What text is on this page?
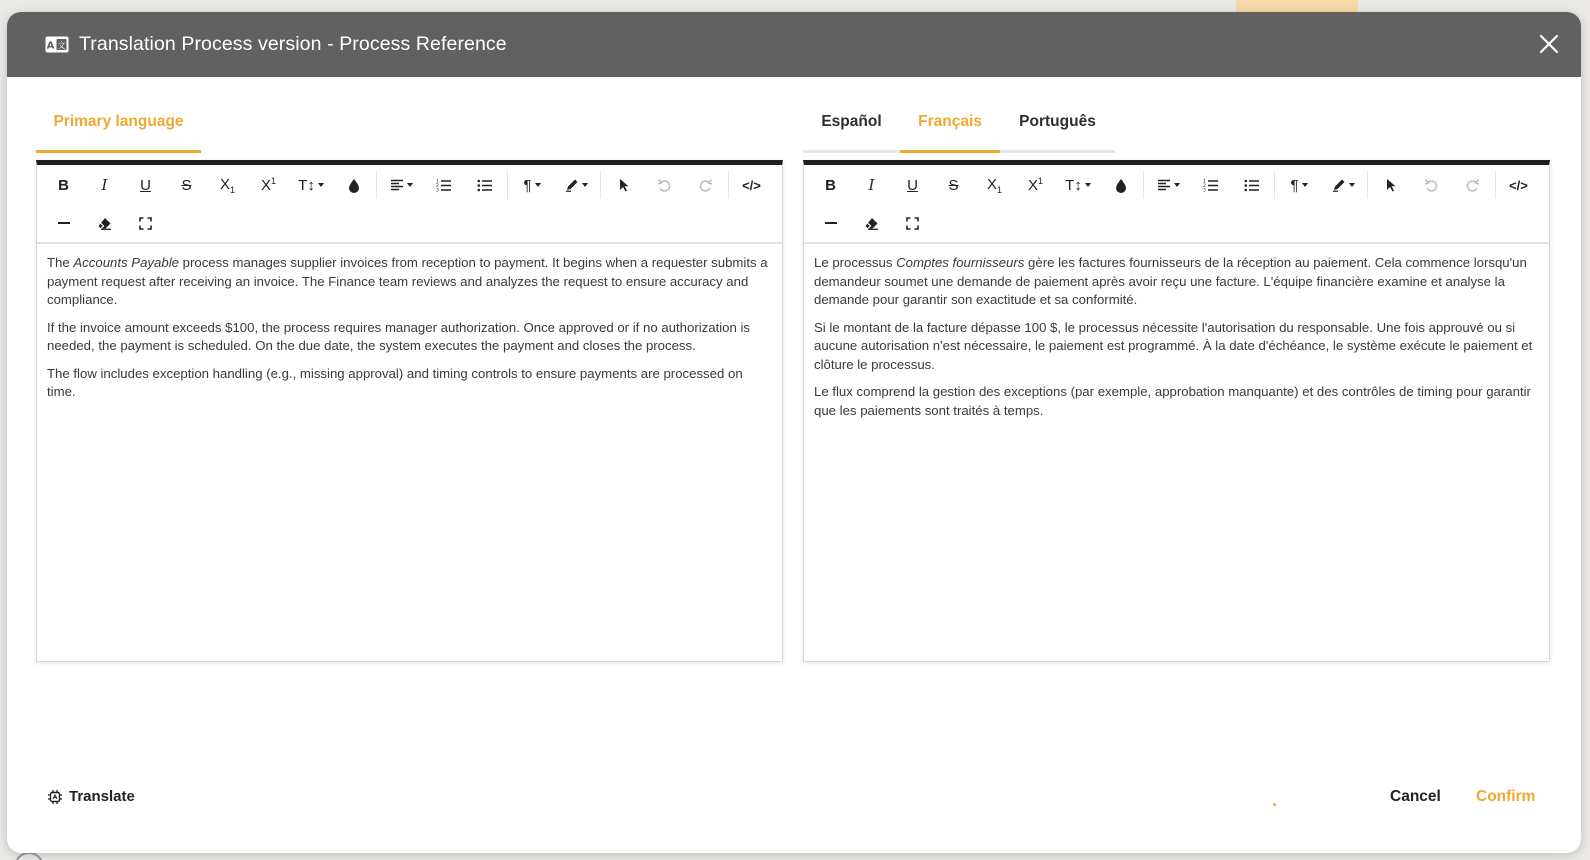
A 文 Translation Process version - Process Reference
Primary language
B I U S $X_1$ $X^1$ T↕	1
2
3	¶	</>

The Accounts Payable process manages supplier invoices from reception to payment. It begins when a requester submits a payment request after receiving an invoice. The Finance team reviews and analyzes the request to ensure accuracy and compliance.

If the invoice amount exceeds $100, the process requires manager authorization. Once approved or if no authorization is needed, the payment is scheduled. On the due date, the system executes the payment and closes the process.

The flow includes exception handling (e.g., missing approval) and timing controls to ensure payments are processed on time.

Español Français Português
B I U S $X_1$ $X^1$ T↕	1
2
3	¶	</>

Le processus Comptes fournisseurs gère les factures fournisseurs de la réception au paiement. Cela commence lorsqu'un demandeur soumet une demande de paiement après avoir reçu une facture. L'équipe financière examine et analyse la demande pour garantir son exactitude et sa conformité.

Si le montant de la facture dépasse 100 $, le processus nécessite l'autorisation du responsable. Une fois approuvé ou si aucune autorisation n'est nécessaire, le paiement est programmé. À la date d'échéance, le système exécute le paiement et clôture le processus.

Le flux comprend la gestion des exceptions (par exemple, approbation manquante) et des contrôles de timing pour garantir que les paiements sont traités à temps.

Translate	Cancel Confirm
